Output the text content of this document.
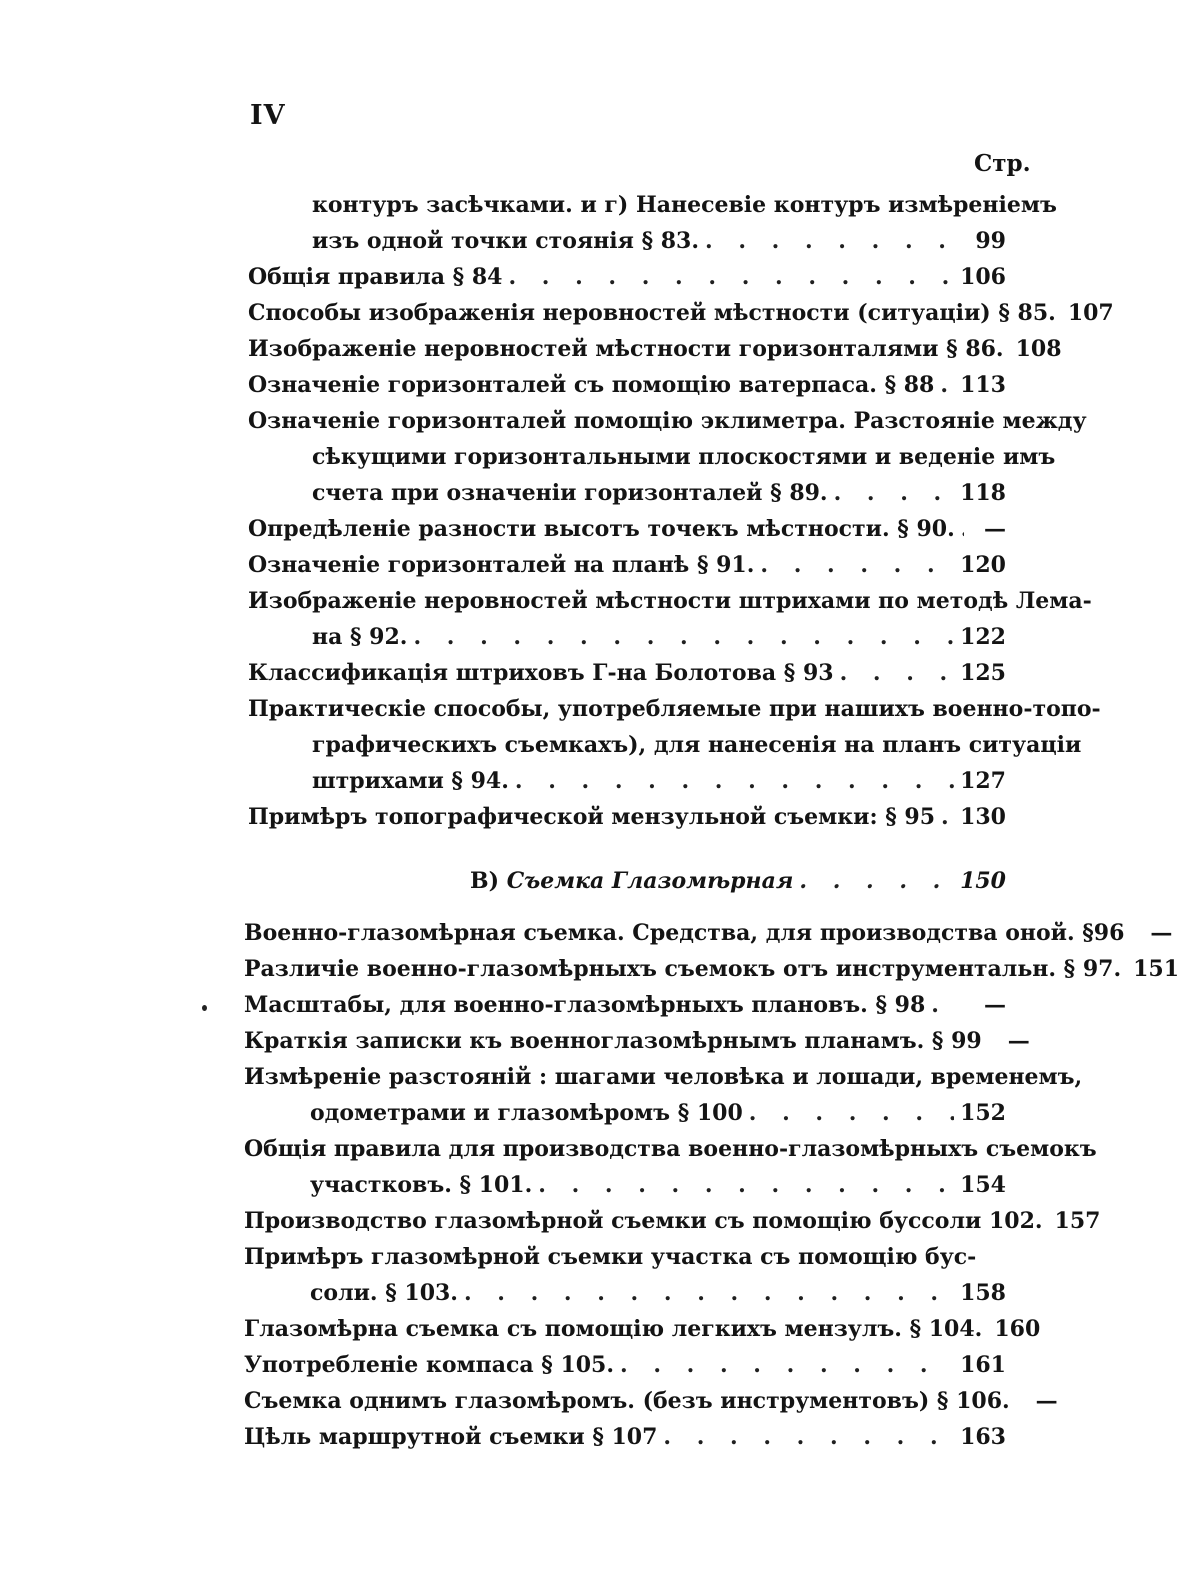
IV
Стр.
контуръ засѣчками. и г) Нанесевіе контуръ измѣреніемъ
изъ одной точки стоянія § 83. . . .	99
Общія правила § 84 . . .	106
Способы изображенія неровностей мѣстности (ситуаціи) § 85. 107
Изображеніе неровностей мѣстности горизонталями § 86. 108
Означеніе горизонталей съ помощію ватерпаса. § 88 . . . 113
Означеніе горизонталей помощію эклиметра. Разстояніе между
сѣкущими горизонтальными плоскостями и веденіе имъ
счета при означеніи горизонталей § 89. . . .	118
Опредѣленіе разности высотъ точекъ мѣстности. § 90. . . .	—
Означеніе горизонталей на планѣ § 91. . . .	120
Изображеніе неровностей мѣстности штрихами по методѣ Лема-
на § 92. . . .	122
Классификація штриховъ Г-на Болотова § 93 . . .	125
Практическіе способы, употребляемые при нашихъ военно-топо-
графическихъ съемкахъ), для нанесенія на планъ ситуаціи
штрихами § 94. . . .	127
Примѣръ топографической мензульной съемки: § 95 . . . 130
B) Съемка Глазомѣрная . . .	150
Военно-глазомѣрная съемка. Средства, для производства оной. §96	—
Различіе военно-глазомѣрныхъ съемокъ отъ инструментальн. § 97. 151
Масштабы, для военно-глазомѣрныхъ плановъ. § 98 . . .	—
Краткія записки къ военноглазомѣрнымъ планамъ. § 99	—
Измѣреніе разстояній : шагами человѣка и лошади, временемъ,
одометрами и глазомѣромъ § 100 . . .	152
Общія правила для производства военно-глазомѣрныхъ съемокъ
участковъ. § 101. . . .	154
Производство глазомѣрной съемки съ помощію буссоли 102. 157
Примѣръ глазомѣрной съемки участка съ помощію бус-
соли. § 103. . . .	158
Глазомѣрна съемка съ помощію легкихъ мензулъ. § 104. 160
Употребленіе компаса § 105. . . .	161
Съемка однимъ глазомѣромъ. (безъ инструментовъ) § 106.	—
Цѣль маршрутной съемки § 107 . . .	163
